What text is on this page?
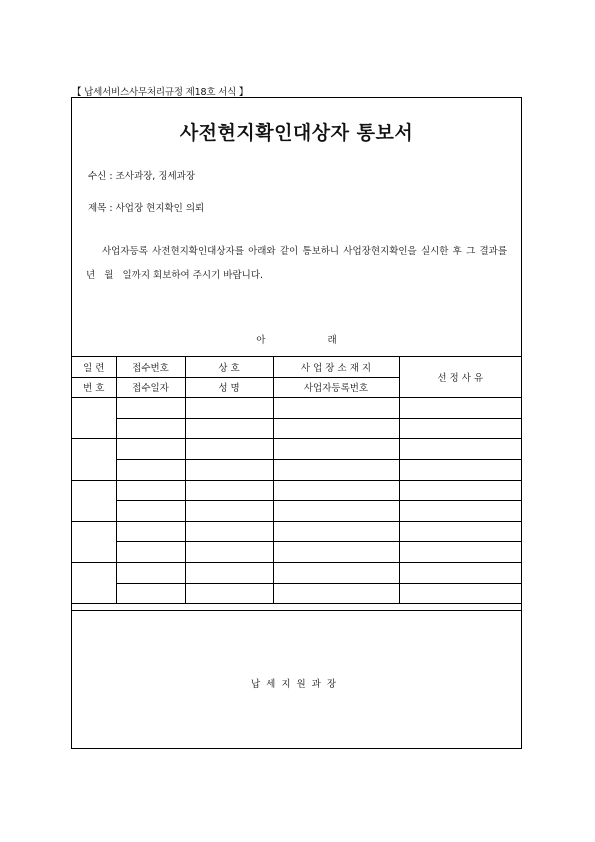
【 납세서비스사무처리규정 제18호 서식 】
사전현지확인대상자 통보서
수신 : 조사과장, 징세과장
제목 : 사업장 현지확인 의뢰
사업자등록 사전현지확인대상자를 아래와 같이 통보하니 사업장현지확인을 실시한 후 그 결과를          년   월   일까지 회보하여 주시기 바랍니다.
아	래
일 련	접수번호	상 호	사 업 장 소 재 지	선 정 사 유
번 호	접수일자	성 명	사업자등록번호	

납세지원과장
